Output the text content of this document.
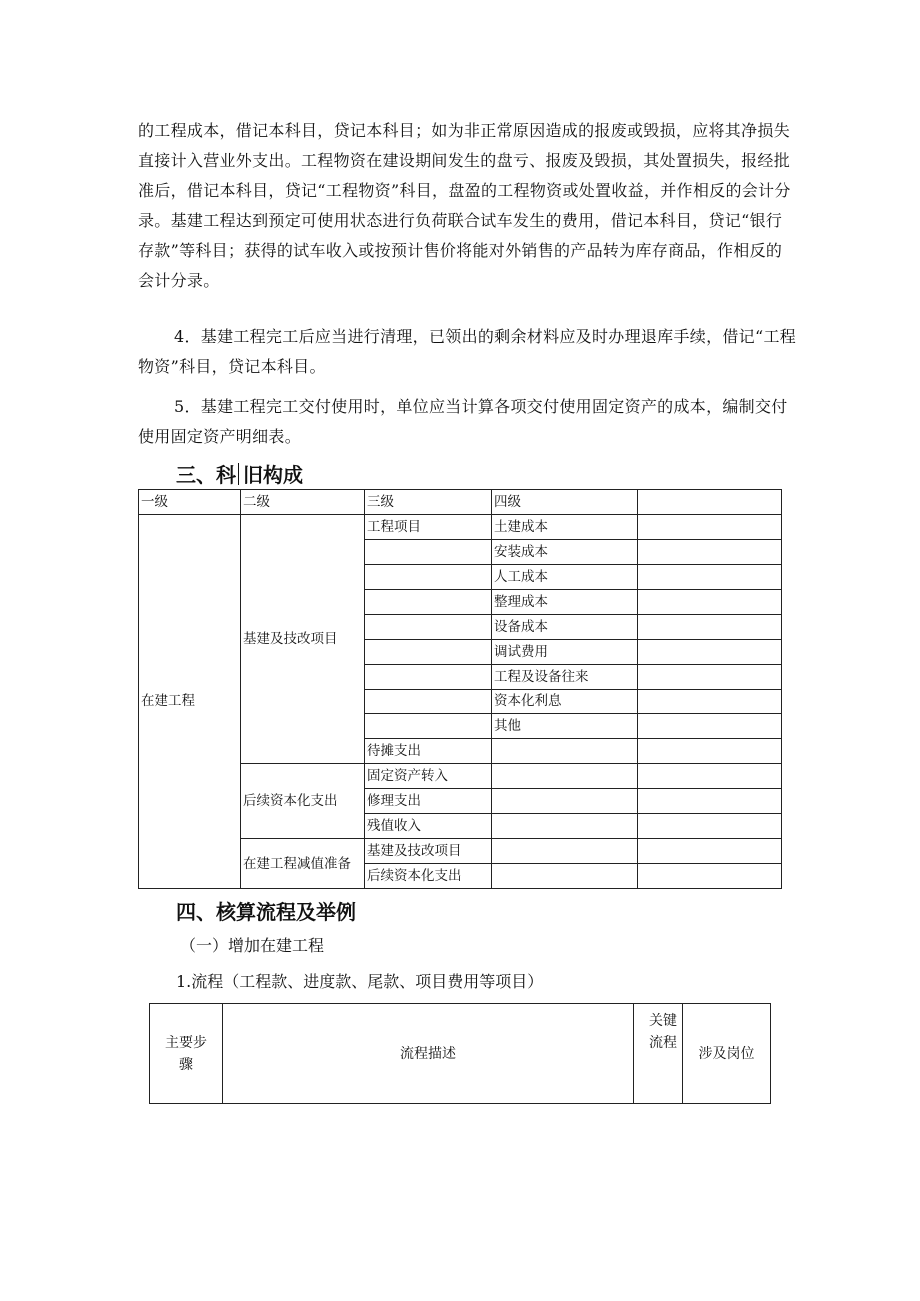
的工程成本，借记本科目，贷记本科目；如为非正常原因造成的报废或毁损，应将其净损失直接计入营业外支出。工程物资在建设期间发生的盘亏、报废及毁损，其处置损失，报经批准后，借记本科目，贷记“工程物资”科目，盘盈的工程物资或处置收益，并作相反的会计分录。基建工程达到预定可使用状态进行负荷联合试车发生的费用，借记本科目，贷记“银行存款”等科目；获得的试车收入或按预计售价将能对外销售的产品转为库存商品，作相反的会计分录。

4．基建工程完工后应当进行清理，已领出的剩余材料应及时办理退库手续，借记“工程物资”科目，贷记本科目。

5．基建工程完工交付使用时，单位应当计算各项交付使用固定资产的成本，编制交付使用固定资产明细表。

三、科 旧构成
一级	二级	三级	四级	
在建工程	基建及技改项目	工程项目	土建成本	
			安装成本	
			人工成本	
			整理成本	
			设备成本	
			调试费用	
			工程及设备往来	
			资本化利息	
			其他	
		待摊支出		
	后续资本化支出	固定资产转入		
		修理支出		
		残值收入		
	在建工程减值准备	基建及技改项目		
		后续资本化支出		
四、核算流程及举例

（一）增加在建工程

1.流程（工程款、进度款、尾款、项目费用等项目）

主要步骤	流程描述	关键流程	涉及岗位
